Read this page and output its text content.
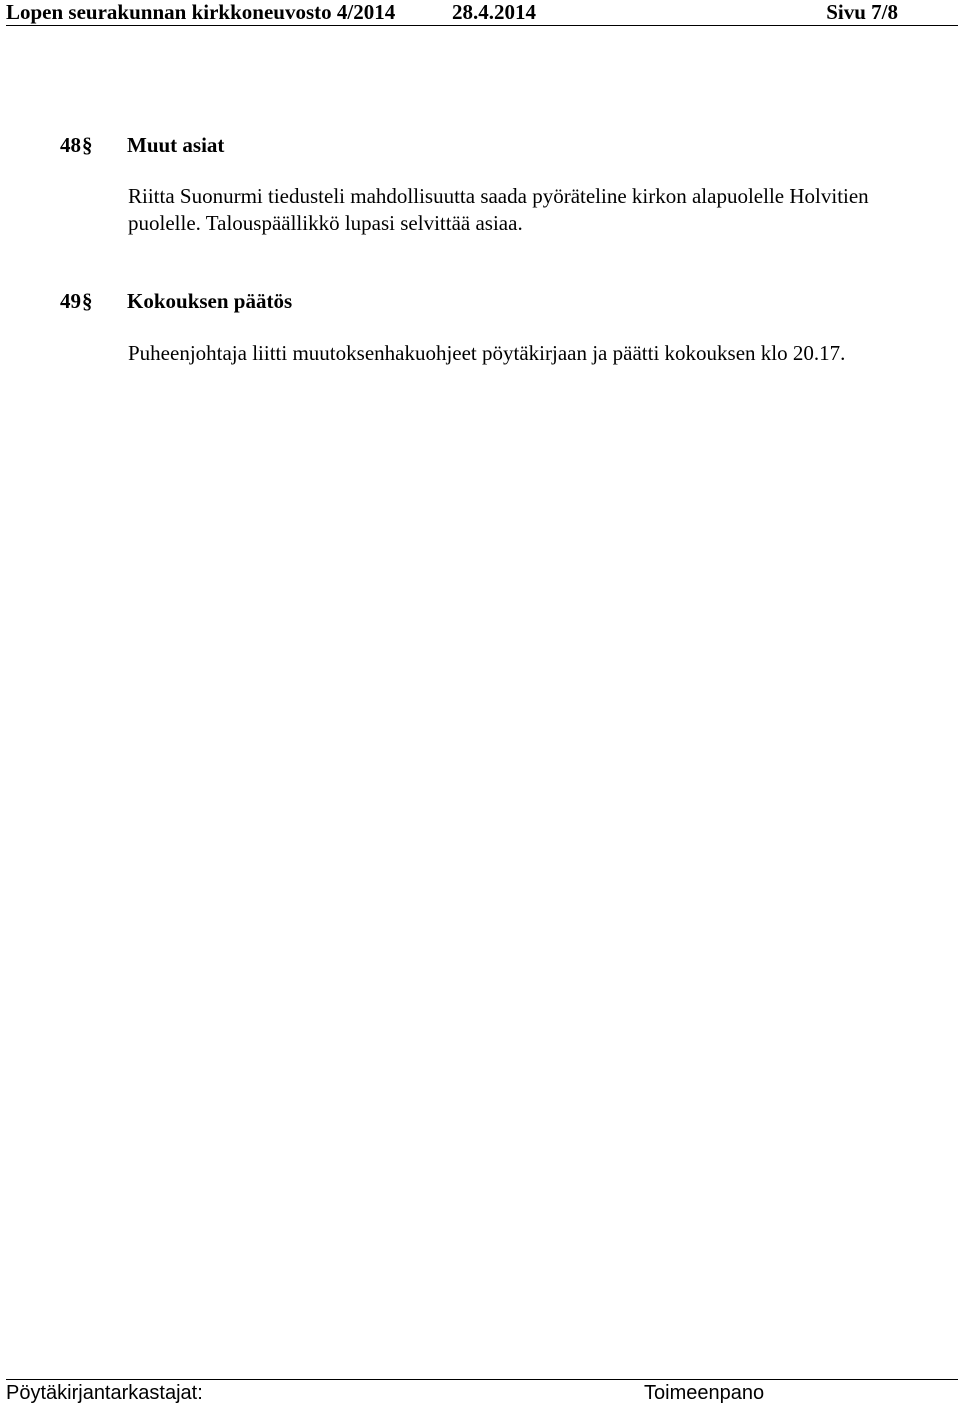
Lopen seurakunnan kirkkoneuvosto 4/2014	28.4.2014	Sivu 7/8
48 § Muut asiat
Riitta Suonurmi tiedusteli mahdollisuutta saada pyöräteline kirkon alapuolelle Holvitien
puolelle. Talouspäällikkö lupasi selvittää asiaa.
49 § Kokouksen päätös
Puheenjohtaja liitti muutoksenhakuohjeet pöytäkirjaan ja päätti kokouksen klo 20.17.
Pöytäkirjantarkastajat:	Toimeenpano
